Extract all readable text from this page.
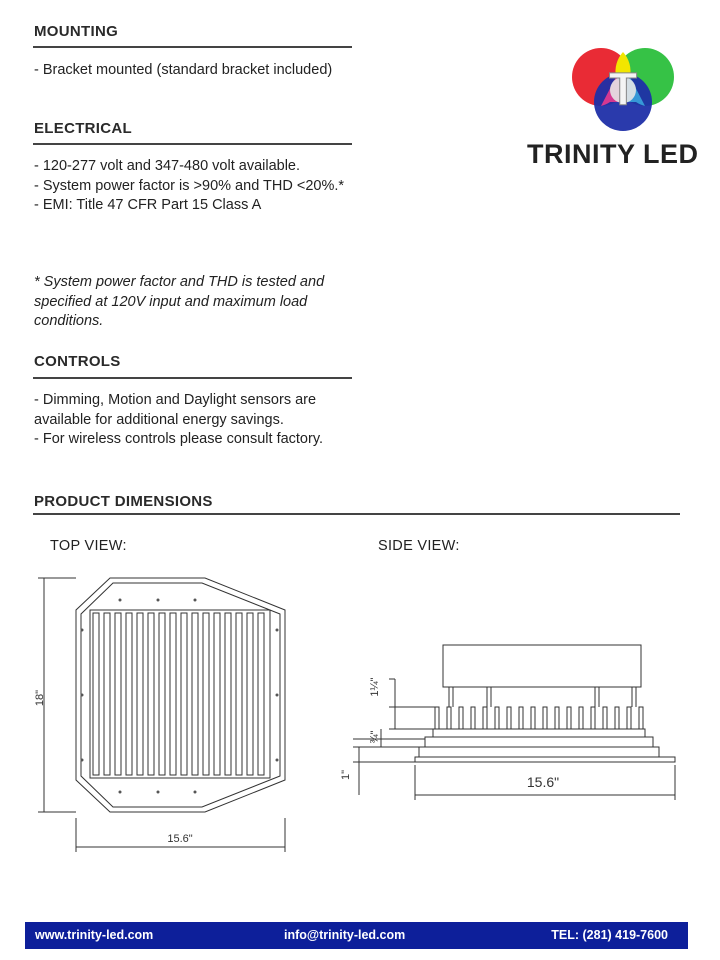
MOUNTING
- Bracket mounted (standard bracket included)
ELECTRICAL
- 120-277 volt and 347-480 volt available.
- System power factor is >90% and THD <20%.*
- EMI: Title 47 CFR Part 15 Class A
* System power factor and THD is tested and specified at 120V input and maximum load conditions.
CONTROLS
- Dimming, Motion and Daylight sensors are available for additional energy savings.
- For wireless controls please consult factory.
PRODUCT DIMENSIONS
TOP VIEW:	SIDE VIEW:
T
TRINITY LED
18"
15.6"
1¼"
¾"
1"	15.6"
www.trinity-led.com	info@trinity-led.com	TEL: (281) 419-7600
